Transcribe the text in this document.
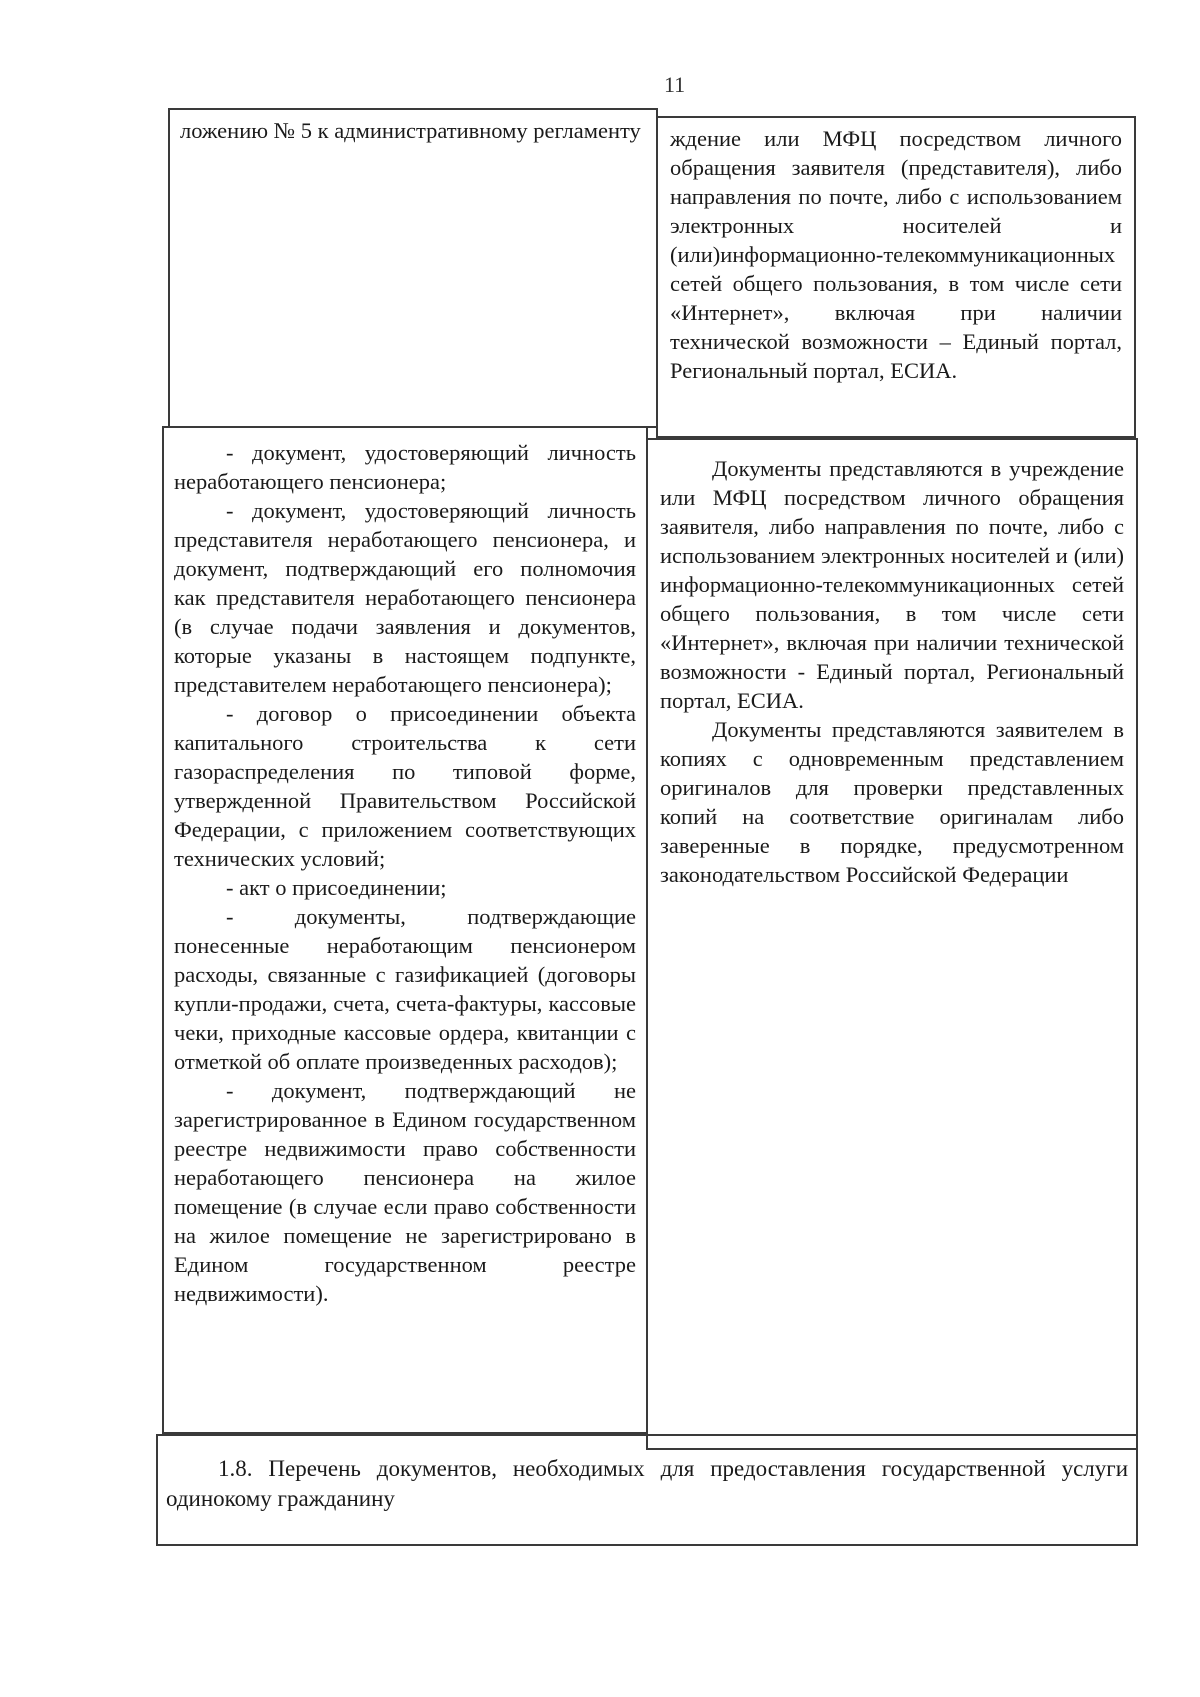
11

ложению № 5 к административному регламенту ждение или МФЦ посредством личного обращения заявителя (представителя), либо направления по почте, либо с использованием электронных носителей и (или)информационно-телекоммуникационных сетей общего пользования, в том числе сети «Интернет», включая при наличии технической возможности – Единый портал, Региональный портал, ЕСИА.

- документ, удостоверяющий личность неработающего пенсионера;

- документ, удостоверяющий личность представителя неработающего пенсионера, и документ, подтверждающий его полномочия как представителя неработающего пенсионера (в случае подачи заявления и документов, которые указаны в настоящем подпункте, представителем неработающего пенсионера);

- договор о присоединении объекта капитального строительства к сети газораспределения по типовой форме, утвержденной Правительством Российской Федерации, с приложением соответствующих технических условий;

- акт о присоединении;

- документы, подтверждающие понесенные неработающим пенсионером расходы, связанные с газификацией (договоры купли-продажи, счета, счета-фактуры, кассовые чеки, приходные кассовые ордера, квитанции с отметкой об оплате произведенных расходов);

- документ, подтверждающий не зарегистрированное в Едином государственном реестре недвижимости право собственности неработающего пенсионера на жилое помещение (в случае если право собственности на жилое помещение не зарегистрировано в Едином государственном реестре недвижимости).

Документы представляются в учреждение или МФЦ посредством личного обращения заявителя, либо направления по почте, либо с использованием электронных носителей и (или) информационно-телекоммуникационных сетей общего пользования, в том числе сети «Интернет», включая при наличии технической возможности - Единый портал, Региональный портал, ЕСИА.

Документы представляются заявителем в копиях с одновременным представлением оригиналов для проверки представленных копий на соответствие оригиналам либо заверенные в порядке, предусмотренном законодательством Российской Федерации

1.8. Перечень документов, необходимых для предоставления государственной услуги одинокому гражданину
